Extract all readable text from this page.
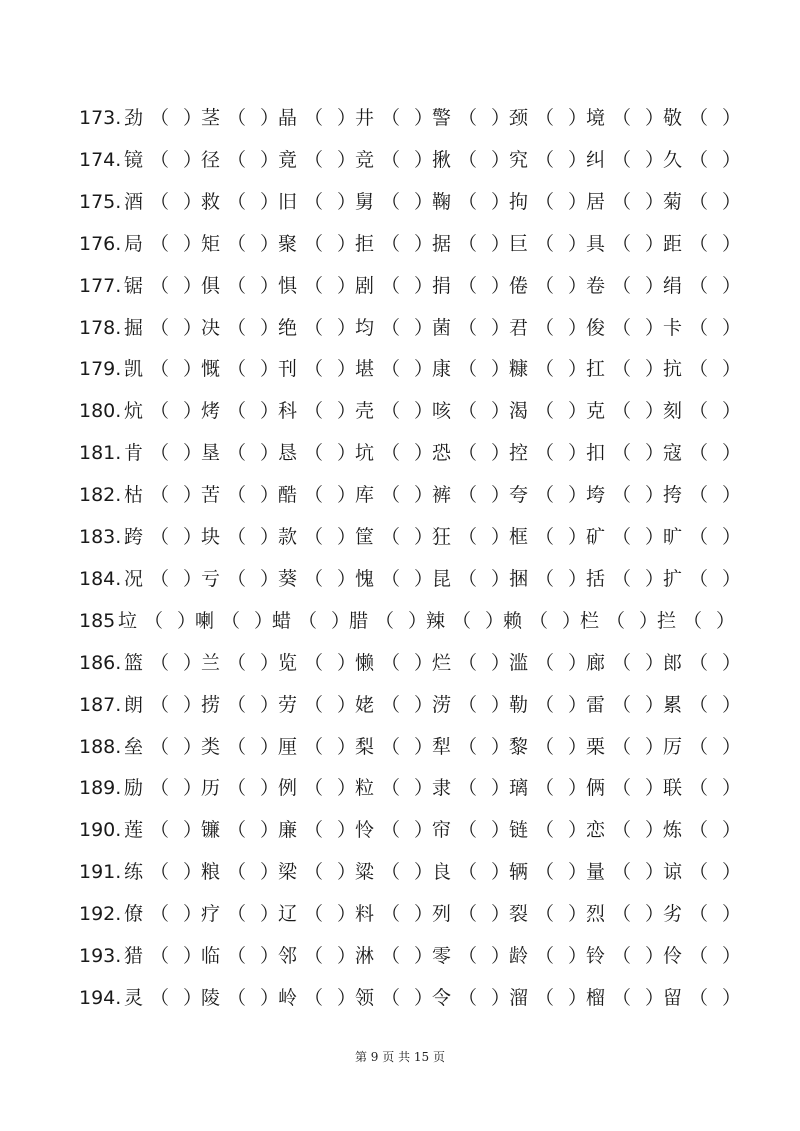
173. 劲 （ ）
茎 （ ）
晶 （ ）
井 （ ）
警 （ ）
颈 （ ）
境 （ ）
敬 （ ）
174. 镜 （ ）
径 （ ）
竟 （ ）
竞 （ ）
揪 （ ）
究 （ ）
纠 （ ）
久 （ ）
175. 酒 （ ）
救 （ ）
旧 （ ）
舅 （ ）
鞠 （ ）
拘 （ ）
居 （ ）
菊 （ ）
176. 局 （ ）
矩 （ ）
聚 （ ）
拒 （ ）
据 （ ）
巨 （ ）
具 （ ）
距 （ ）
177. 锯 （ ）
俱 （ ）
惧 （ ）
剧 （ ）
捐 （ ）
倦 （ ）
卷 （ ）
绢 （ ）
178. 掘 （ ）
决 （ ）
绝 （ ）
均 （ ）
菌 （ ）
君 （ ）
俊 （ ）
卡 （ ）
179. 凯 （ ）
慨 （ ）
刊 （ ）
堪 （ ）
康 （ ）
糠 （ ）
扛 （ ）
抗 （ ）
180. 炕 （ ）
烤 （ ）
科 （ ）
壳 （ ）
咳 （ ）
渴 （ ）
克 （ ）
刻 （ ）
181. 肯 （ ）
垦 （ ）
恳 （ ）
坑 （ ）
恐 （ ）
控 （ ）
扣 （ ）
寇 （ ）
182. 枯 （ ）
苦 （ ）
酷 （ ）
库 （ ）
裤 （ ）
夸 （ ）
垮 （ ）
挎 （ ）
183. 跨 （ ）
块 （ ）
款 （ ）
筐 （ ）
狂 （ ）
框 （ ）
矿 （ ）
旷 （ ）
184. 况 （ ）
亏 （ ）
葵 （ ）
愧 （ ）
昆 （ ）
捆 （ ）
括 （ ）
扩 （ ）
185 垃 （ ）
喇 （ ）
蜡 （ ）
腊 （ ）
辣 （ ）
赖 （ ）
栏 （ ）
拦 （ ）
186. 篮 （ ）
兰 （ ）
览 （ ）
懒 （ ）
烂 （ ）
滥 （ ）
廊 （ ）
郎 （ ）
187. 朗 （ ）
捞 （ ）
劳 （ ）
姥 （ ）
涝 （ ）
勒 （ ）
雷 （ ）
累 （ ）
188. 垒 （ ）
类 （ ）
厘 （ ）
梨 （ ）
犁 （ ）
黎 （ ）
栗 （ ）
厉 （ ）
189. 励 （ ）
历 （ ）
例 （ ）
粒 （ ）
隶 （ ）
璃 （ ）
俩 （ ）
联 （ ）
190. 莲 （ ）
镰 （ ）
廉 （ ）
怜 （ ）
帘 （ ）
链 （ ）
恋 （ ）
炼 （ ）
191. 练 （ ）
粮 （ ）
梁 （ ）
粱 （ ）
良 （ ）
辆 （ ）
量 （ ）
谅 （ ）
192. 僚 （ ）
疗 （ ）
辽 （ ）
料 （ ）
列 （ ）
裂 （ ）
烈 （ ）
劣 （ ）
193. 猎 （ ）
临 （ ）
邻 （ ）
淋 （ ）
零 （ ）
龄 （ ）
铃 （ ）
伶 （ ）
194. 灵 （ ）
陵 （ ）
岭 （ ）
领 （ ）
令 （ ）
溜 （ ）
榴 （ ）
留 （ ）
第 9 页 共 15 页
